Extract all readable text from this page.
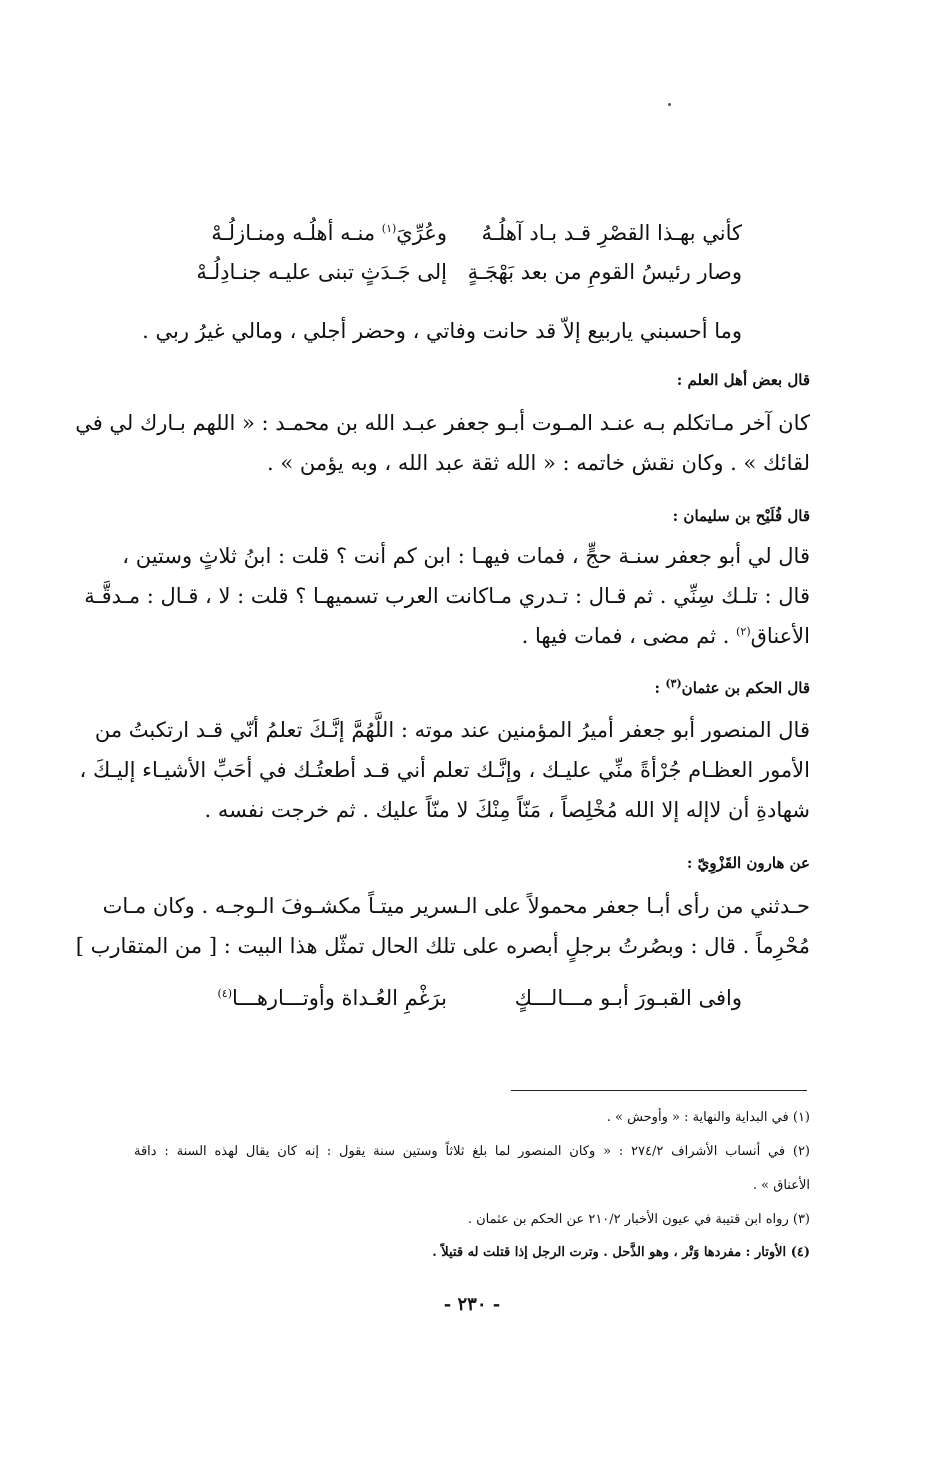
كأني بهـذا القصْرِ قـد بـاد آهلُـهُ
وعُرِّيَ$^{(١)}$ منـه أهلُـه ومنـازلُـهْ
وصار رئيسُ القومِ من بعد بَهْجَـةٍ
إلى جَـدَثٍ تبنى عليـه جنـادِلُـهْ
وما أحسبني ياربيع إلاّ قد حانت وفاتي ، وحضر أجلي ، ومالي غيرُ ربي .
قال بعض أهل العلم :
كان آخر مـاتكلم بـه عنـد المـوت أبـو جعفر عبـد الله بن محمـد : « اللهم بـارك لي في
لقائك » . وكان نقش خاتمه : « الله ثقة عبد الله ، وبه يؤمن » .
قال فُلَيْح بن سليمان :
قال لي أبو جعفر سنـة حجٍّ ، فمات فيهـا : ابن كم أنت ؟ قلت : ابنُ ثلاثٍ وستين ،
قال : تلـك سِنِّي . ثم قـال : تـدري مـاكانت العرب تسميهـا ؟ قلت : لا ، قـال : مـدقَّـة
الأعناق$^{(٢)}$ . ثم مضى ، فمات فيها .
قال الحكم بن عثمان$^{(٣)}$ :
قال المنصور أبو جعفر أميرُ المؤمنين عند موته : اللَّهُمَّ إنَّـكَ تعلمُ أنّي قـد ارتكبتُ من
الأمور العظـام جُرْأةً منِّي عليـك ، وإنَّـك تعلم أني قـد أطعتُـك في أحَبِّ الأشيـاء إليـكَ ،
شهادةِ أن لاإله إلا الله مُخْلِصاً ، مَنّاً مِنْكَ لا منّاً عليك . ثم خرجت نفسه .
عن هارون القَزْوِيّ :
حـدثني من رأى أبـا جعفر محمولاً على الـسرير ميتـاً مكشـوفَ الـوجـه . وكان مـات
مُحْرِماً . قال : وبصُرتُ برجلٍ أبصره على تلك الحال تمثّل هذا البيت : [ من المتقارب ]
وافى القبـورَ أبـو مـــالـــكٍ
برَغْمِ العُـداة وأوتـــارهـــا$^{(٤)}$
(١) في البداية والنهاية : « وأوحش » .
(٢) في أنساب الأشراف ٢٧٤/٢ : « وكان المنصور لما بلغ ثلاثاً وستين سنة يقول : إنه كان يقال لهذه السنة : داقة
الأعناق » .
(٣) رواه ابن قتيبة في عيون الأخبار ٢١٠/٢ عن الحكم بن عثمان .
(٤) الأوتار : مفردها وَتْر ، وهو الذَّحل . وترت الرجل إذا قتلت له قتيلاً .
- ٢٣٠ -
